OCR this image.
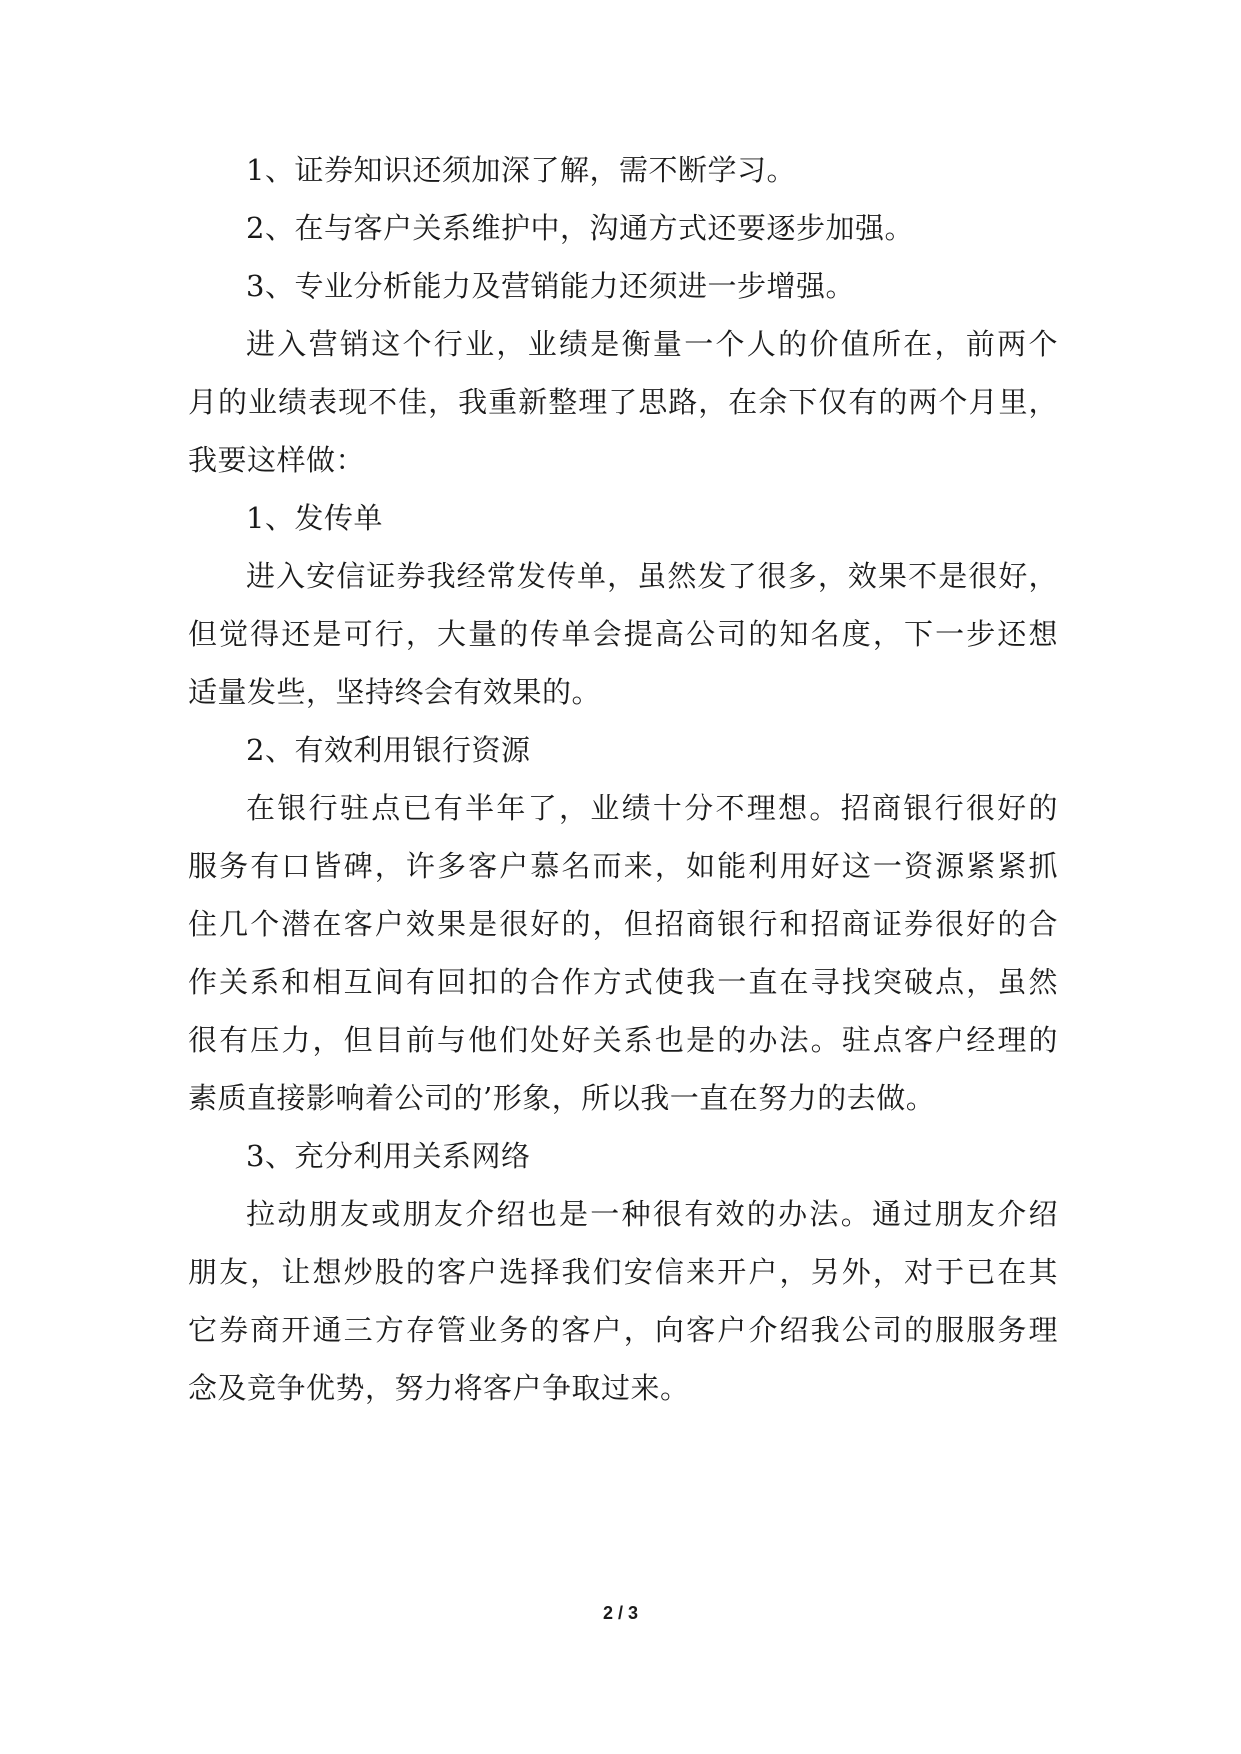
1、证券知识还须加深了解，需不断学习。
2、在与客户关系维护中，沟通方式还要逐步加强。
3、专业分析能力及营销能力还须进一步增强。
进入营销这个行业，业绩是衡量一个人的价值所在，前两个
月的业绩表现不佳，我重新整理了思路，在余下仅有的两个月里，
我要这样做：
1、发传单
进入安信证券我经常发传单，虽然发了很多，效果不是很好，
但觉得还是可行，大量的传单会提高公司的知名度，下一步还想
适量发些，坚持终会有效果的。
2、有效利用银行资源
在银行驻点已有半年了，业绩十分不理想。招商银行很好的
服务有口皆碑，许多客户慕名而来，如能利用好这一资源紧紧抓
住几个潜在客户效果是很好的，但招商银行和招商证券很好的合
作关系和相互间有回扣的合作方式使我一直在寻找突破点，虽然
很有压力，但目前与他们处好关系也是的办法。驻点客户经理的
素质直接影响着公司的’形象，所以我一直在努力的去做。
3、充分利用关系网络
拉动朋友或朋友介绍也是一种很有效的办法。通过朋友介绍
朋友，让想炒股的客户选择我们安信来开户，另外，对于已在其
它券商开通三方存管业务的客户，向客户介绍我公司的服服务理
念及竞争优势，努力将客户争取过来。
2 / 3
